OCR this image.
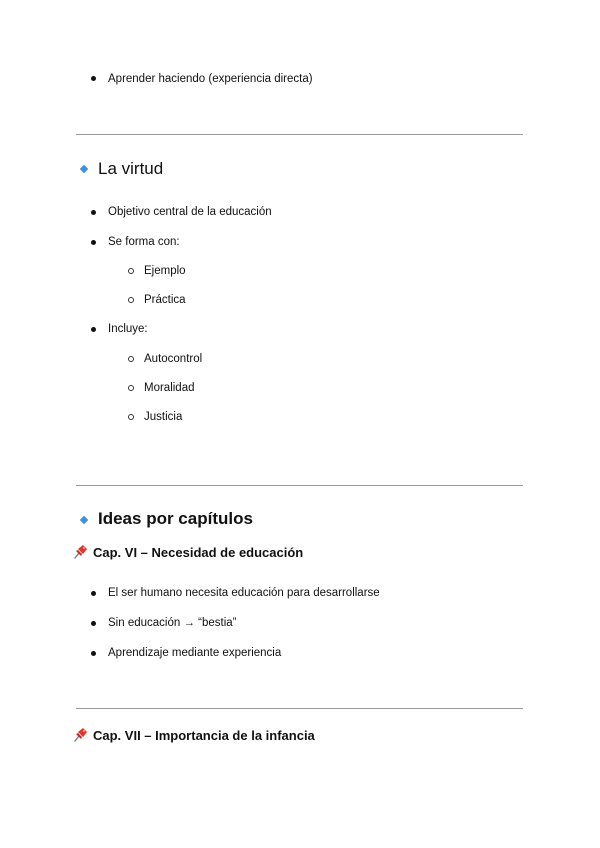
Aprender haciendo (experiencia directa)
La virtud
Objetivo central de la educación
Se forma con:
Ejemplo
Práctica
Incluye:
Autocontrol
Moralidad
Justicia
Ideas por capítulos
Cap. VI – Necesidad de educación
El ser humano necesita educación para desarrollarse
Sin educación → “bestia”
Aprendizaje mediante experiencia
Cap. VII – Importancia de la infancia
